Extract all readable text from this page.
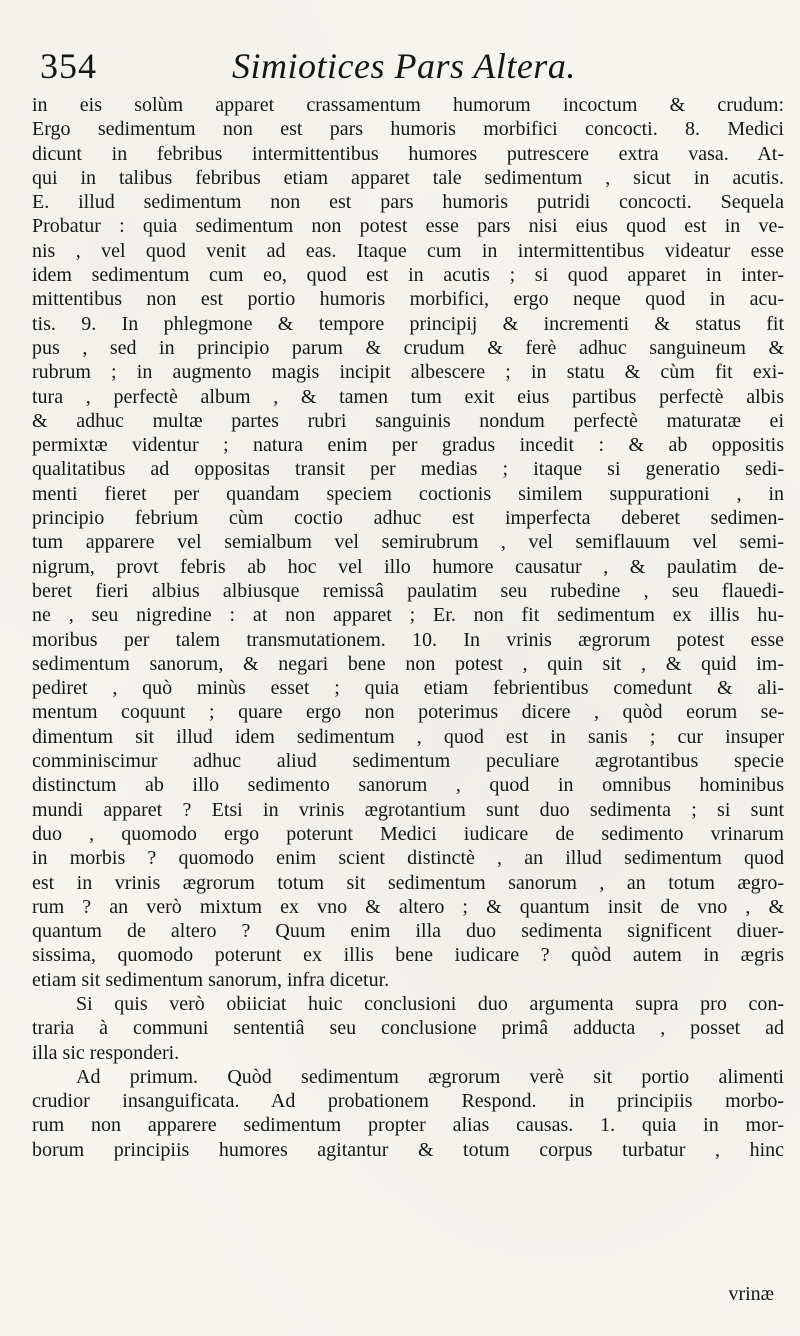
354	Simiotices Pars Altera.
in eis solùm apparet crassamentum humorum incoctum & crudum:
Ergo sedimentum non est pars humoris morbifici concocti. 8. Medici
dicunt in febribus intermittentibus humores putrescere extra vasa. At-
qui in talibus febribus etiam apparet tale sedimentum , sicut in acutis.
E. illud sedimentum non est pars humoris putridi concocti. Sequela
Probatur : quia sedimentum non potest esse pars nisi eius quod est in ve-
nis , vel quod venit ad eas. Itaque cum in intermittentibus videatur esse
idem sedimentum cum eo, quod est in acutis ; si quod apparet in inter-
mittentibus non est portio humoris morbifici, ergo neque quod in acu-
tis. 9. In phlegmone & tempore principij & incrementi & status fit
pus , sed in principio parum & crudum & ferè adhuc sanguineum &
rubrum ; in augmento magis incipit albescere ; in statu & cùm fit exi-
tura , perfectè album , & tamen tum exit eius partibus perfectè albis
& adhuc multæ partes rubri sanguinis nondum perfectè maturatæ ei
permixtæ videntur ; natura enim per gradus incedit : & ab oppositis
qualitatibus ad oppositas transit per medias ; itaque si generatio sedi-
menti fieret per quandam speciem coctionis similem suppurationi , in
principio febrium cùm coctio adhuc est imperfecta deberet sedimen-
tum apparere vel semialbum vel semirubrum , vel semiflauum vel semi-
nigrum, provt febris ab hoc vel illo humore causatur , & paulatim de-
beret fieri albius albiusque remissâ paulatim seu rubedine , seu flauedi-
ne , seu nigredine : at non apparet ; Er. non fit sedimentum ex illis hu-
moribus per talem transmutationem. 10. In vrinis ægrorum potest esse
sedimentum sanorum, & negari bene non potest , quin sit , & quid im-
pediret , quò minùs esset ; quia etiam febrientibus comedunt & ali-
mentum coquunt ; quare ergo non poterimus dicere , quòd eorum se-
dimentum sit illud idem sedimentum , quod est in sanis ; cur insuper
comminiscimur adhuc aliud sedimentum peculiare ægrotantibus specie
distinctum ab illo sedimento sanorum , quod in omnibus hominibus
mundi apparet ? Etsi in vrinis ægrotantium sunt duo sedimenta ; si sunt
duo , quomodo ergo poterunt Medici iudicare de sedimento vrinarum
in morbis ? quomodo enim scient distinctè , an illud sedimentum quod
est in vrinis ægrorum totum sit sedimentum sanorum , an totum ægro-
rum ? an verò mixtum ex vno & altero ; & quantum insit de vno , &
quantum de altero ? Quum enim illa duo sedimenta significent diuer-
sissima, quomodo poterunt ex illis bene iudicare ? quòd autem in ægris
etiam sit sedimentum sanorum, infra dicetur.
Si quis verò obiiciat huic conclusioni duo argumenta supra pro con-
traria à communi sententiâ seu conclusione primâ adducta , posset ad
illa sic responderi.
Ad primum. Quòd sedimentum ægrorum verè sit portio alimenti
crudior insanguificata. Ad probationem Respond. in principiis morbo-
rum non apparere sedimentum propter alias causas. 1. quia in mor-
borum principiis humores agitantur & totum corpus turbatur , hinc
vrinæ
